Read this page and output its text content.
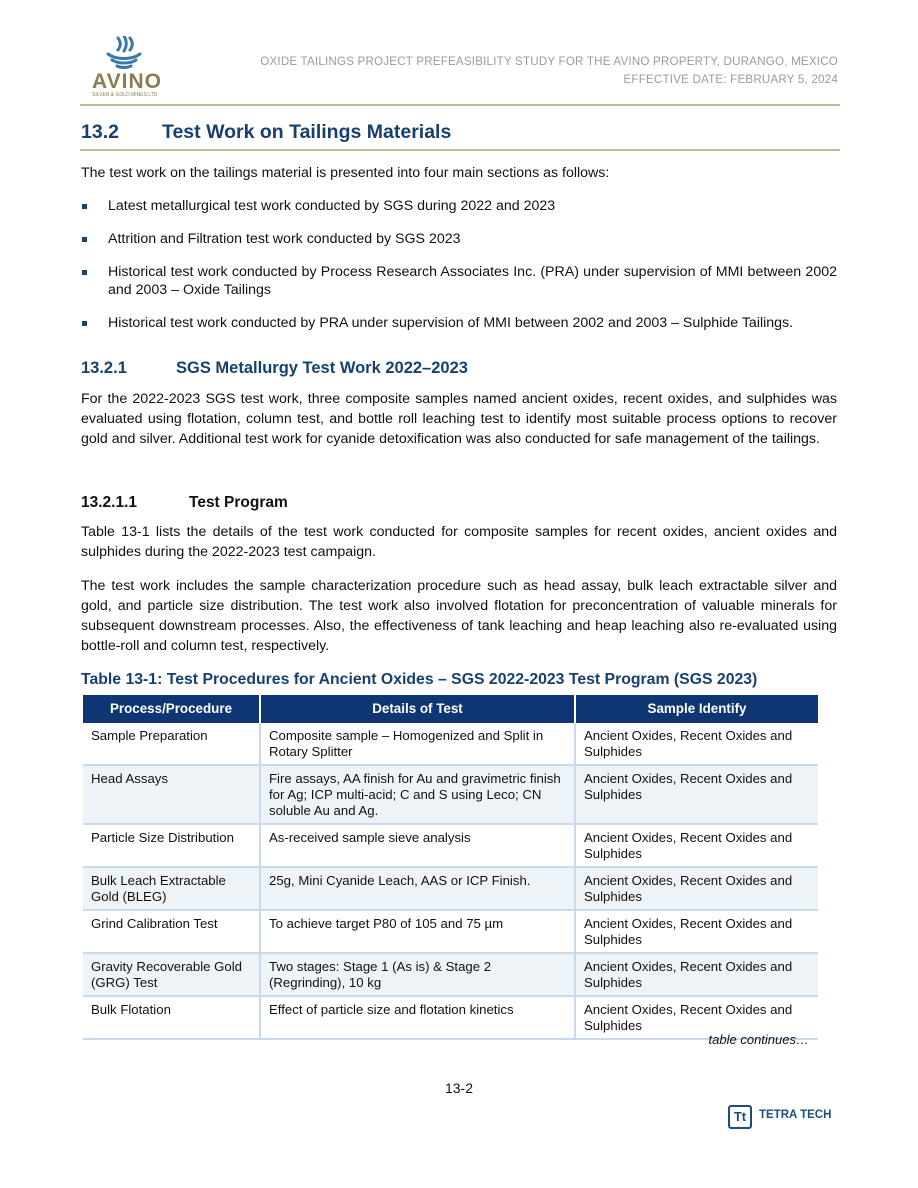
AVINO
SILVER & GOLD MINES LTD.
OXIDE TAILINGS PROJECT PREFEASIBILITY STUDY FOR THE AVINO PROPERTY, DURANGO, MEXICO
EFFECTIVE DATE: FEBRUARY 5, 2024
13.2 Test Work on Tailings Materials
The test work on the tailings material is presented into four main sections as follows:
Latest metallurgical test work conducted by SGS during 2022 and 2023
Attrition and Filtration test work conducted by SGS 2023
Historical test work conducted by Process Research Associates Inc. (PRA) under supervision of MMI between 2002 and 2003 – Oxide Tailings
Historical test work conducted by PRA under supervision of MMI between 2002 and 2003 – Sulphide Tailings.
13.2.1	SGS Metallurgy Test Work 2022–2023
For the 2022-2023 SGS test work, three composite samples named ancient oxides, recent oxides, and sulphides was evaluated using flotation, column test, and bottle roll leaching test to identify most suitable process options to recover gold and silver. Additional test work for cyanide detoxification was also conducted for safe management of the tailings.
13.2.1.1	Test Program
Table 13-1 lists the details of the test work conducted for composite samples for recent oxides, ancient oxides and sulphides during the 2022-2023 test campaign.
The test work includes the sample characterization procedure such as head assay, bulk leach extractable silver and gold, and particle size distribution. The test work also involved flotation for preconcentration of valuable minerals for subsequent downstream processes. Also, the effectiveness of tank leaching and heap leaching also re-evaluated using bottle-roll and column test, respectively.
Table 13-1: Test Procedures for Ancient Oxides – SGS 2022-2023 Test Program (SGS 2023)
Process/Procedure	Details of Test	Sample Identify
Sample Preparation	Composite sample – Homogenized and Split in Rotary Splitter	Ancient Oxides, Recent Oxides and Sulphides
Head Assays	Fire assays, AA finish for Au and gravimetric finish for Ag; ICP multi-acid; C and S using Leco; CN soluble Au and Ag.	Ancient Oxides, Recent Oxides and Sulphides
Particle Size Distribution	As-received sample sieve analysis	Ancient Oxides, Recent Oxides and Sulphides
Bulk Leach Extractable Gold (BLEG)	25g, Mini Cyanide Leach, AAS or ICP Finish.	Ancient Oxides, Recent Oxides and Sulphides
Grind Calibration Test	To achieve target P80 of 105 and 75 µm	Ancient Oxides, Recent Oxides and Sulphides
Gravity Recoverable Gold (GRG) Test	Two stages: Stage 1 (As is) & Stage 2 (Regrinding), 10 kg	Ancient Oxides, Recent Oxides and Sulphides
Bulk Flotation	Effect of particle size and flotation kinetics	Ancient Oxides, Recent Oxides and Sulphides
table continues…
13-2
Tt	TETRA TECH
